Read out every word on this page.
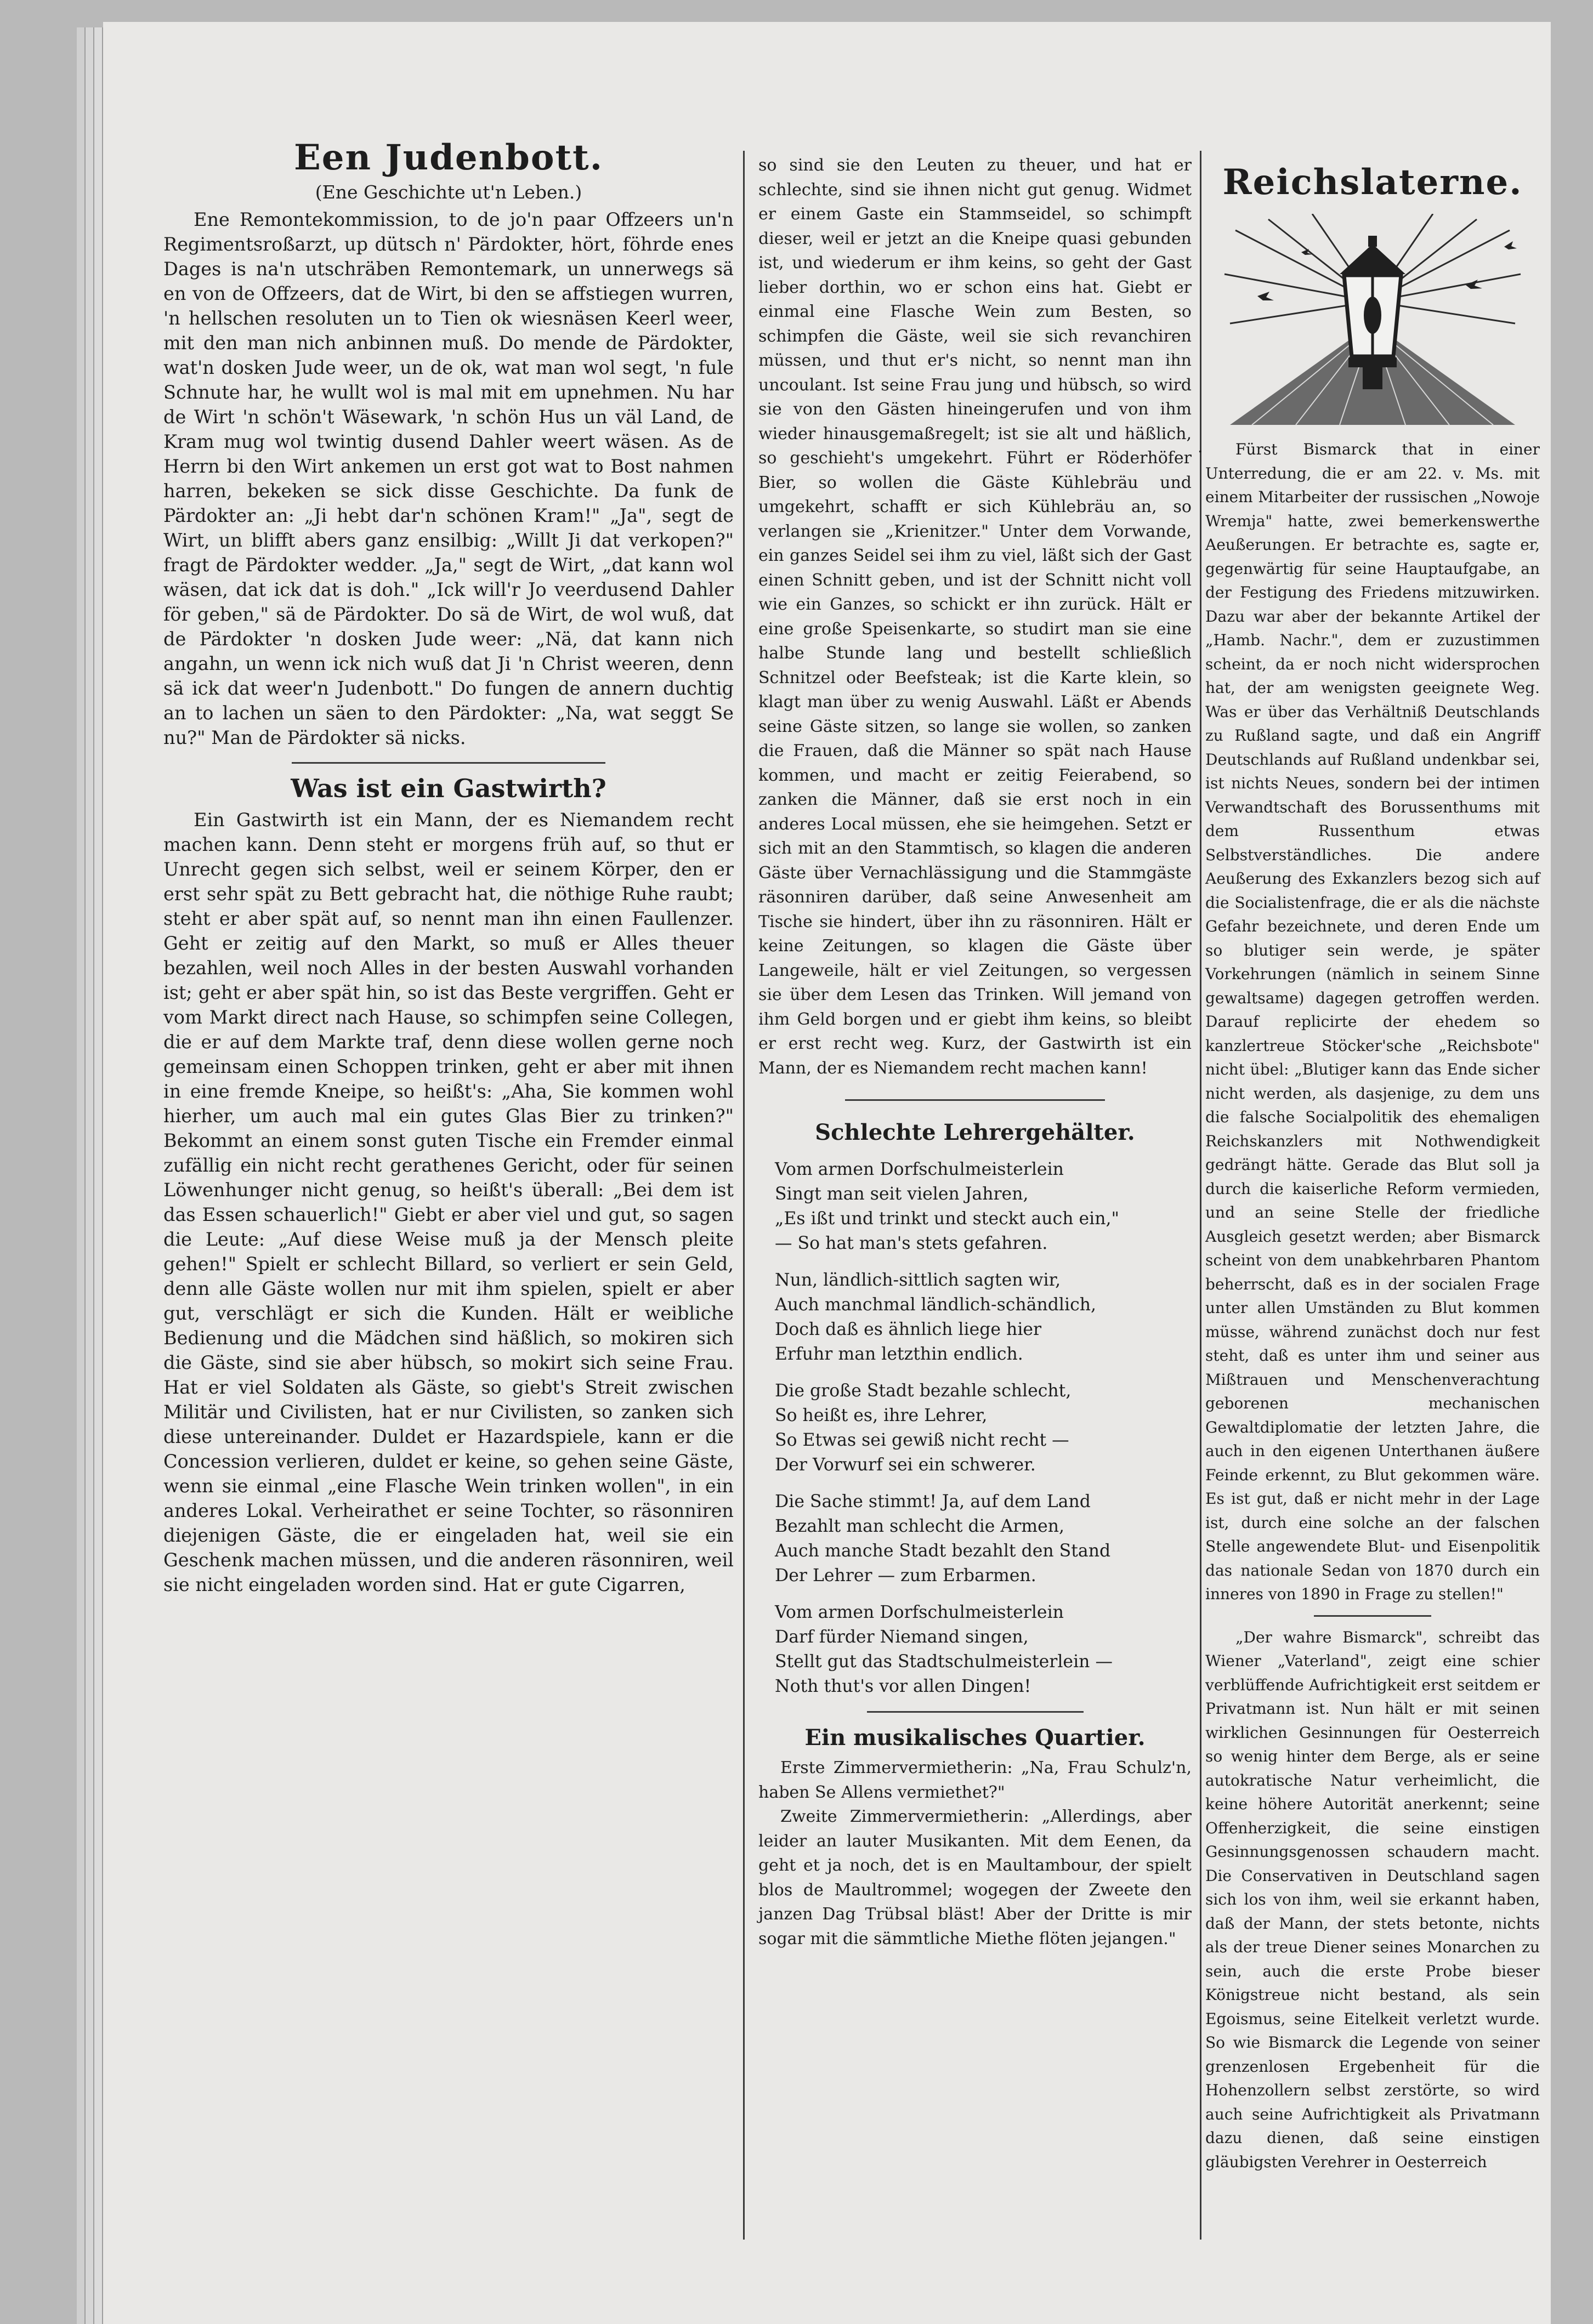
Een Judenbott.
(Ene Geschichte ut'n Leben.)

Ene Remontekommission, to de jo'n paar Offzeers un'n Regimentsroßarzt, up dütsch n' Pärdokter, hört, föhrde enes Dages is na'n utschräben Remontemark, un unnerwegs sä en von de Offzeers, dat de Wirt, bi den se affstiegen wurren, 'n hellschen resoluten un to Tien ok wiesnäsen Keerl weer, mit den man nich anbinnen muß. Do mende de Pärdokter, wat'n dosken Jude weer, un de ok, wat man wol segt, 'n fule Schnute har, he wullt wol is mal mit em upnehmen. Nu har de Wirt 'n schön't Wäsewark, 'n schön Hus un väl Land, de Kram mug wol twintig dusend Dahler weert wäsen. As de Herrn bi den Wirt ankemen un erst got wat to Bost nahmen harren, bekeken se sick disse Geschichte. Da funk de Pärdokter an: „Ji hebt dar'n schönen Kram!" „Ja", segt de Wirt, un blifft abers ganz ensilbig: „Willt Ji dat verkopen?" fragt de Pärdokter wedder. „Ja," segt de Wirt, „dat kann wol wäsen, dat ick dat is doh." „Ick will'r Jo veerdusend Dahler för geben," sä de Pärdokter. Do sä de Wirt, de wol wuß, dat de Pärdokter 'n dosken Jude weer: „Nä, dat kann nich angahn, un wenn ick nich wuß dat Ji 'n Christ weeren, denn sä ick dat weer'n Judenbott." Do fungen de annern duchtig an to lachen un säen to den Pärdokter: „Na, wat seggt Se nu?" Man de Pärdokter sä nicks.

Was ist ein Gastwirth?

Ein Gastwirth ist ein Mann, der es Niemandem recht machen kann. Denn steht er morgens früh auf, so thut er Unrecht gegen sich selbst, weil er seinem Körper, den er erst sehr spät zu Bett gebracht hat, die nöthige Ruhe raubt; steht er aber spät auf, so nennt man ihn einen Faullenzer. Geht er zeitig auf den Markt, so muß er Alles theuer bezahlen, weil noch Alles in der besten Auswahl vorhanden ist; geht er aber spät hin, so ist das Beste vergriffen. Geht er vom Markt direct nach Hause, so schimpfen seine Collegen, die er auf dem Markte traf, denn diese wollen gerne noch gemeinsam einen Schoppen trinken, geht er aber mit ihnen in eine fremde Kneipe, so heißt's: „Aha, Sie kommen wohl hierher, um auch mal ein gutes Glas Bier zu trinken?" Bekommt an einem sonst guten Tische ein Fremder einmal zufällig ein nicht recht gerathenes Gericht, oder für seinen Löwenhunger nicht genug, so heißt's überall: „Bei dem ist das Essen schauerlich!" Giebt er aber viel und gut, so sagen die Leute: „Auf diese Weise muß ja der Mensch pleite gehen!" Spielt er schlecht Billard, so verliert er sein Geld, denn alle Gäste wollen nur mit ihm spielen, spielt er aber gut, verschlägt er sich die Kunden. Hält er weibliche Bedienung und die Mädchen sind häßlich, so mokiren sich die Gäste, sind sie aber hübsch, so mokirt sich seine Frau. Hat er viel Soldaten als Gäste, so giebt's Streit zwischen Militär und Civilisten, hat er nur Civilisten, so zanken sich diese untereinander. Duldet er Hazardspiele, kann er die Concession verlieren, duldet er keine, so gehen seine Gäste, wenn sie einmal „eine Flasche Wein trinken wollen", in ein anderes Lokal. Verheirathet er seine Tochter, so räsonniren diejenigen Gäste, die er eingeladen hat, weil sie ein Geschenk machen müssen, und die anderen räsonniren, weil sie nicht eingeladen worden sind. Hat er gute Cigarren,

so sind sie den Leuten zu theuer, und hat er schlechte, sind sie ihnen nicht gut genug. Widmet er einem Gaste ein Stammseidel, so schimpft dieser, weil er jetzt an die Kneipe quasi gebunden ist, und wiederum er ihm keins, so geht der Gast lieber dorthin, wo er schon eins hat. Giebt er einmal eine Flasche Wein zum Besten, so schimpfen die Gäste, weil sie sich revanchiren müssen, und thut er's nicht, so nennt man ihn uncoulant. Ist seine Frau jung und hübsch, so wird sie von den Gästen hineingerufen und von ihm wieder hinausgemaßregelt; ist sie alt und häßlich, so geschieht's umgekehrt. Führt er Röderhöfer Bier, so wollen die Gäste Kühlebräu und umgekehrt, schafft er sich Kühlebräu an, so verlangen sie „Krienitzer." Unter dem Vorwande, ein ganzes Seidel sei ihm zu viel, läßt sich der Gast einen Schnitt geben, und ist der Schnitt nicht voll wie ein Ganzes, so schickt er ihn zurück. Hält er eine große Speisenkarte, so studirt man sie eine halbe Stunde lang und bestellt schließlich Schnitzel oder Beefsteak; ist die Karte klein, so klagt man über zu wenig Auswahl. Läßt er Abends seine Gäste sitzen, so lange sie wollen, so zanken die Frauen, daß die Männer so spät nach Hause kommen, und macht er zeitig Feierabend, so zanken die Männer, daß sie erst noch in ein anderes Local müssen, ehe sie heimgehen. Setzt er sich mit an den Stammtisch, so klagen die anderen Gäste über Vernachlässigung und die Stammgäste räsonniren darüber, daß seine Anwesenheit am Tische sie hindert, über ihn zu räsonniren. Hält er keine Zeitungen, so klagen die Gäste über Langeweile, hält er viel Zeitungen, so vergessen sie über dem Lesen das Trinken. Will jemand von ihm Geld borgen und er giebt ihm keins, so bleibt er erst recht weg. Kurz, der Gastwirth ist ein Mann, der es Niemandem recht machen kann!

Schlechte Lehrergehälter.

Vom armen Dorfschulmeisterlein

Singt man seit vielen Jahren,

„Es ißt und trinkt und steckt auch ein,"

— So hat man's stets gefahren.

Nun, ländlich-sittlich sagten wir,

Auch manchmal ländlich-schändlich,

Doch daß es ähnlich liege hier

Erfuhr man letzthin endlich.

Die große Stadt bezahle schlecht,

So heißt es, ihre Lehrer,

So Etwas sei gewiß nicht recht —

Der Vorwurf sei ein schwerer.

Die Sache stimmt! Ja, auf dem Land

Bezahlt man schlecht die Armen,

Auch manche Stadt bezahlt den Stand

Der Lehrer — zum Erbarmen.

Vom armen Dorfschulmeisterlein

Darf fürder Niemand singen,

Stellt gut das Stadtschulmeisterlein —

Noth thut's vor allen Dingen!

Ein musikalisches Quartier.

Erste Zimmervermietherin: „Na, Frau Schulz'n, haben Se Allens vermiethet?"

Zweite Zimmervermietherin: „Allerdings, aber leider an lauter Musikanten. Mit dem Eenen, da geht et ja noch, det is en Maultambour, der spielt blos de Maultrommel; wogegen der Zweete den janzen Dag Trübsal bläst! Aber der Dritte is mir sogar mit die sämmtliche Miethe flöten jejangen."

Reichslaterne.
.	Fürst Bismarck that in einer Unterredung, die er am 22. v. Ms. mit einem Mitarbeiter der russischen „Nowoje Wremja" hatte, zwei bemerkenswerthe Aeußerungen. Er betrachte es, sagte er, gegenwärtig für seine Hauptaufgabe, an der Festigung des Friedens mitzuwirken. Dazu war aber der bekannte Artikel der „Hamb. Nachr.", dem er zuzustimmen scheint, da er noch nicht widersprochen hat, der am wenigsten geeignete Weg. Was er über das Verhältniß Deutschlands zu Rußland sagte, und daß ein Angriff Deutschlands auf Rußland undenkbar sei, ist nichts Neues, sondern bei der intimen Verwandtschaft des Borussenthums mit dem Russenthum etwas Selbstverständliches. Die andere Aeußerung des Exkanzlers bezog sich auf die Socialistenfrage, die er als die nächste Gefahr bezeichnete, und deren Ende um so blutiger sein werde, je später Vorkehrungen (nämlich in seinem Sinne gewaltsame) dagegen getroffen werden. Darauf replicirte der ehedem so kanzlertreue Stöcker'sche „Reichsbote" nicht übel: „Blutiger kann das Ende sicher nicht werden, als dasjenige, zu dem uns die falsche Socialpolitik des ehemaligen Reichskanzlers mit Nothwendigkeit gedrängt hätte. Gerade das Blut soll ja durch die kaiserliche Reform vermieden, und an seine Stelle der friedliche Ausgleich gesetzt werden; aber Bismarck scheint von dem unabkehrbaren Phantom beherrscht, daß es in der socialen Frage unter allen Umständen zu Blut kommen müsse, während zunächst doch nur fest steht, daß es unter ihm und seiner aus Mißtrauen und Menschenverachtung geborenen mechanischen Gewaltdiplomatie der letzten Jahre, die auch in den eigenen Unterthanen äußere Feinde erkennt, zu Blut gekommen wäre. Es ist gut, daß er nicht mehr in der Lage ist, durch eine solche an der falschen Stelle angewendete Blut- und Eisenpolitik das nationale Sedan von 1870 durch ein inneres von 1890 in Frage zu stellen!"

„Der wahre Bismarck", schreibt das Wiener „Vaterland", zeigt eine schier verblüffende Aufrichtigkeit erst seitdem er Privatmann ist. Nun hält er mit seinen wirklichen Gesinnungen für Oesterreich so wenig hinter dem Berge, als er seine autokratische Natur verheimlicht, die keine höhere Autorität anerkennt; seine Offenherzigkeit, die seine einstigen Gesinnungsgenossen schaudern macht. Die Conservativen in Deutschland sagen sich los von ihm, weil sie erkannt haben, daß der Mann, der stets betonte, nichts als der treue Diener seines Monarchen zu sein, auch die erste Probe bieser Königstreue nicht bestand, als sein Egoismus, seine Eitelkeit verletzt wurde. So wie Bismarck die Legende von seiner grenzenlosen Ergebenheit für die Hohenzollern selbst zerstörte, so wird auch seine Aufrichtigkeit als Privatmann dazu dienen, daß seine einstigen gläubigsten Verehrer in Oesterreich
